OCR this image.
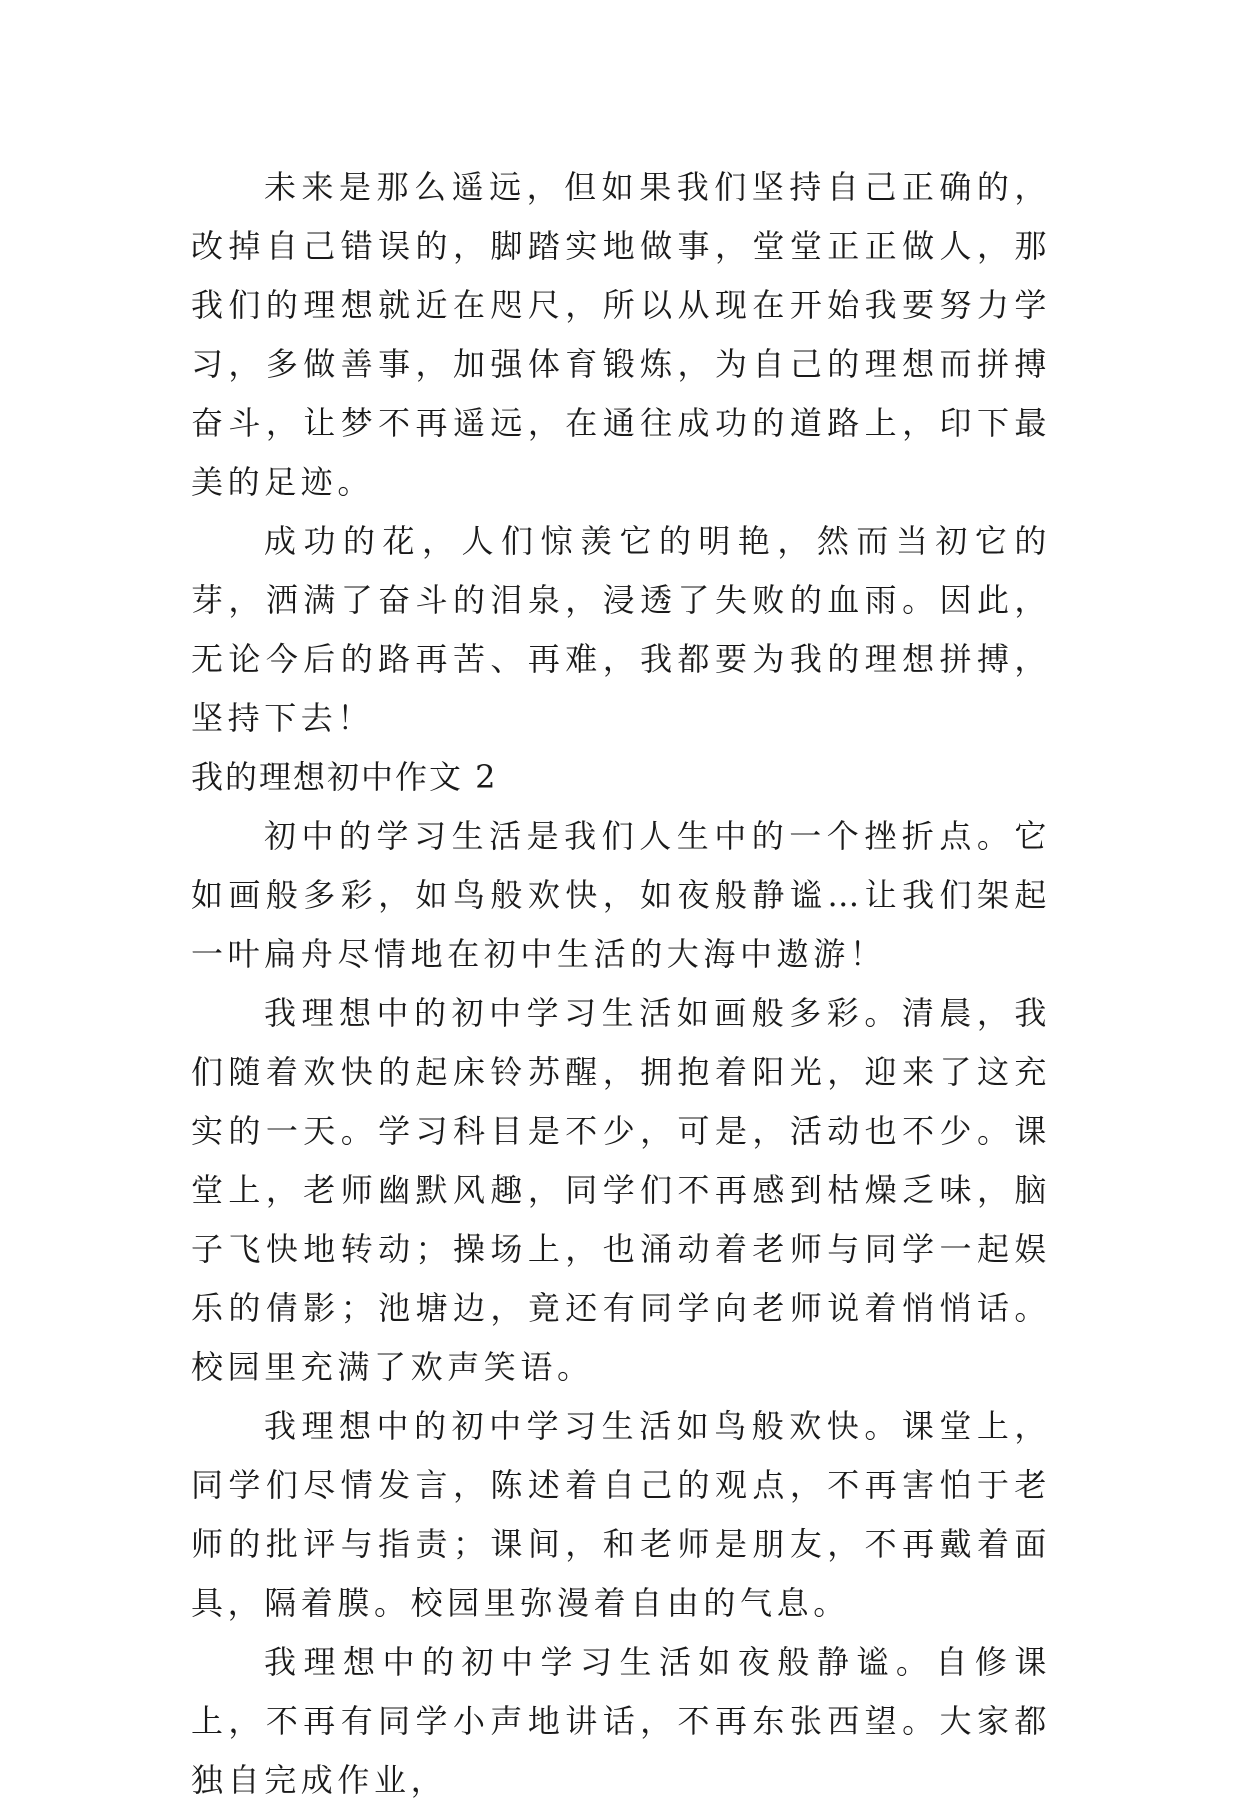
未来是那么遥远，但如果我们坚持自己正确的，改掉自己错误的，脚踏实地做事，堂堂正正做人，那我们的理想就近在咫尺，所以从现在开始我要努力学习，多做善事，加强体育锻炼，为自己的理想而拼搏奋斗，让梦不再遥远，在通往成功的道路上，印下最美的足迹。

成功的花，人们惊羡它的明艳，然而当初它的芽，洒满了奋斗的泪泉，浸透了失败的血雨。因此，无论今后的路再苦、再难，我都要为我的理想拼搏，坚持下去！

我的理想初中作文 2

初中的学习生活是我们人生中的一个挫折点。它如画般多彩，如鸟般欢快，如夜般静谧…让我们架起一叶扁舟尽情地在初中生活的大海中遨游！

我理想中的初中学习生活如画般多彩。清晨，我们随着欢快的起床铃苏醒，拥抱着阳光，迎来了这充实的一天。学习科目是不少，可是，活动也不少。课堂上，老师幽默风趣，同学们不再感到枯燥乏味，脑子飞快地转动；操场上，也涌动着老师与同学一起娱乐的倩影；池塘边，竟还有同学向老师说着悄悄话。校园里充满了欢声笑语。

我理想中的初中学习生活如鸟般欢快。课堂上，同学们尽情发言，陈述着自己的观点，不再害怕于老师的批评与指责；课间，和老师是朋友，不再戴着面具，隔着膜。校园里弥漫着自由的气息。

我理想中的初中学习生活如夜般静谧。自修课上，不再有同学小声地讲话，不再东张西望。大家都独自完成作业，
